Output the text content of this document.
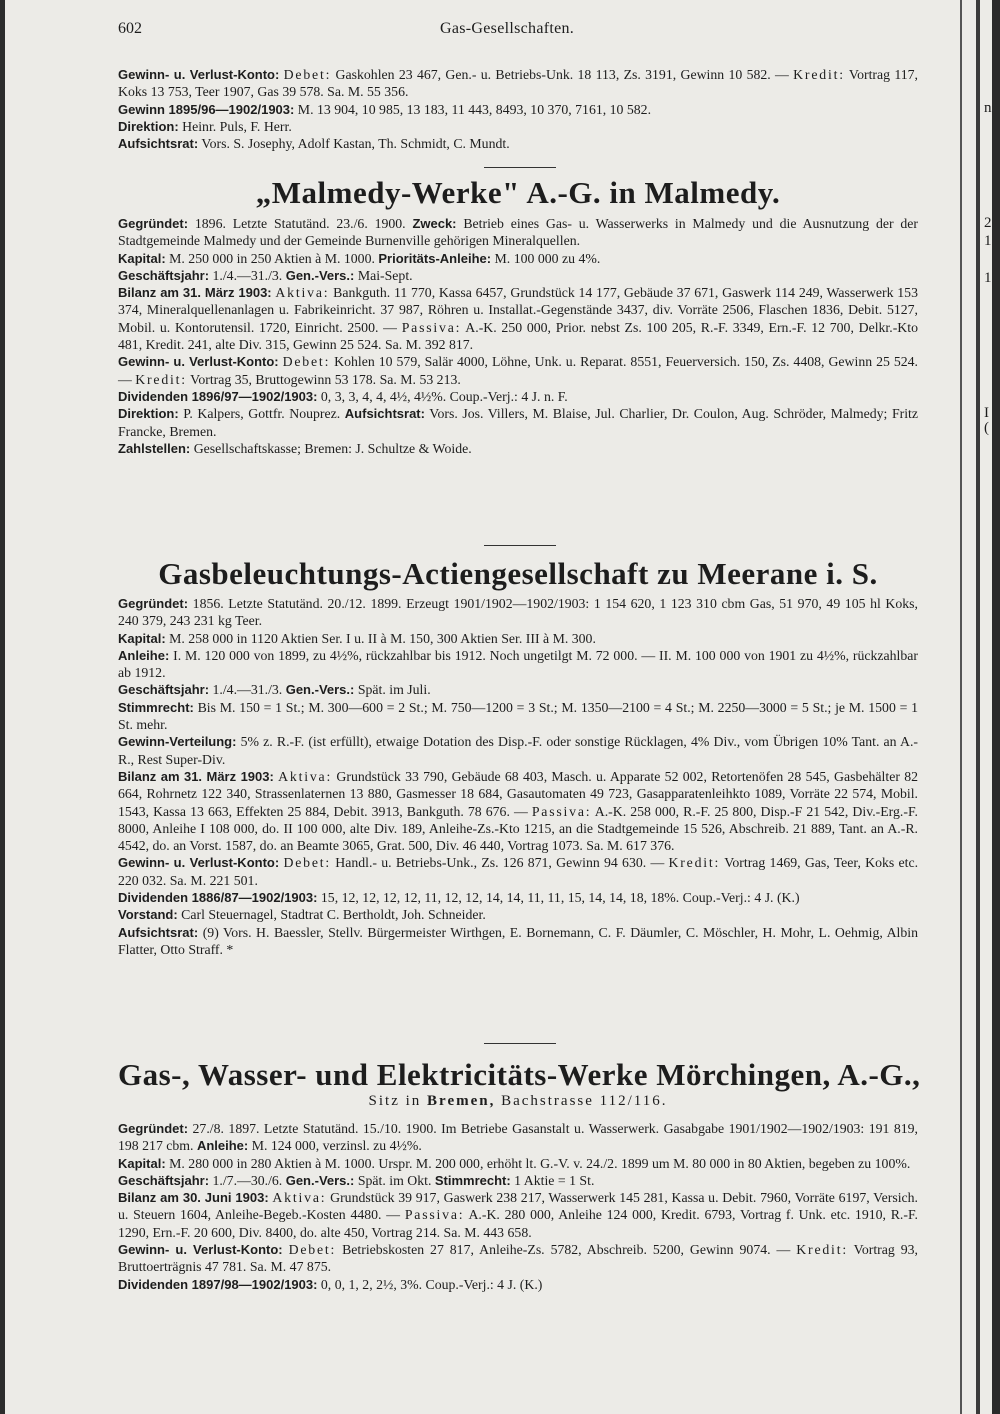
602	Gas-Gesellschaften.

Gewinn- u. Verlust-Konto: Debet: Gaskohlen 23 467, Gen.- u. Betriebs-Unk. 18 113, Zs. 3191, Gewinn 10 582. — Kredit: Vortrag 117, Koks 13 753, Teer 1907, Gas 39 578. Sa. M. 55 356.

Gewinn 1895/96—1902/1903: M. 13 904, 10 985, 13 183, 11 443, 8493, 10 370, 7161, 10 582.

Direktion: Heinr. Puls, F. Herr.

Aufsichtsrat: Vors. S. Josephy, Adolf Kastan, Th. Schmidt, C. Mundt.

„Malmedy-Werke" A.-G. in Malmedy.

Gegründet: 1896. Letzte Statutänd. 23./6. 1900. Zweck: Betrieb eines Gas- u. Wasserwerks in Malmedy und die Ausnutzung der der Stadtgemeinde Malmedy und der Gemeinde Burnenville gehörigen Mineralquellen.

Kapital: M. 250 000 in 250 Aktien à M. 1000. Prioritäts-Anleihe: M. 100 000 zu 4%.

Geschäftsjahr: 1./4.—31./3. Gen.-Vers.: Mai-Sept.

Bilanz am 31. März 1903: Aktiva: Bankguth. 11 770, Kassa 6457, Grundstück 14 177, Gebäude 37 671, Gaswerk 114 249, Wasserwerk 153 374, Mineralquellenanlagen u. Fabrikeinricht. 37 987, Röhren u. Installat.-Gegenstände 3437, div. Vorräte 2506, Flaschen 1836, Debit. 5127, Mobil. u. Kontorutensil. 1720, Einricht. 2500. — Passiva: A.-K. 250 000, Prior. nebst Zs. 100 205, R.-F. 3349, Ern.-F. 12 700, Delkr.-Kto 481, Kredit. 241, alte Div. 315, Gewinn 25 524. Sa. M. 392 817.

Gewinn- u. Verlust-Konto: Debet: Kohlen 10 579, Salär 4000, Löhne, Unk. u. Reparat. 8551, Feuerversich. 150, Zs. 4408, Gewinn 25 524. — Kredit: Vortrag 35, Bruttogewinn 53 178. Sa. M. 53 213.

Dividenden 1896/97—1902/1903: 0, 3, 3, 4, 4, 4½, 4½%. Coup.-Verj.: 4 J. n. F.

Direktion: P. Kalpers, Gottfr. Nouprez. Aufsichtsrat: Vors. Jos. Villers, M. Blaise, Jul. Charlier, Dr. Coulon, Aug. Schröder, Malmedy; Fritz Francke, Bremen.

Zahlstellen: Gesellschaftskasse; Bremen: J. Schultze & Woide.

Gasbeleuchtungs-Actiengesellschaft zu Meerane i. S.

Gegründet: 1856. Letzte Statutänd. 20./12. 1899. Erzeugt 1901/1902—1902/1903: 1 154 620, 1 123 310 cbm Gas, 51 970, 49 105 hl Koks, 240 379, 243 231 kg Teer.

Kapital: M. 258 000 in 1120 Aktien Ser. I u. II à M. 150, 300 Aktien Ser. III à M. 300.

Anleihe: I. M. 120 000 von 1899, zu 4½%, rückzahlbar bis 1912. Noch ungetilgt M. 72 000. — II. M. 100 000 von 1901 zu 4½%, rückzahlbar ab 1912.

Geschäftsjahr: 1./4.—31./3. Gen.-Vers.: Spät. im Juli.

Stimmrecht: Bis M. 150 = 1 St.; M. 300—600 = 2 St.; M. 750—1200 = 3 St.; M. 1350—2100 = 4 St.; M. 2250—3000 = 5 St.; je M. 1500 = 1 St. mehr.

Gewinn-Verteilung: 5% z. R.-F. (ist erfüllt), etwaige Dotation des Disp.-F. oder sonstige Rücklagen, 4% Div., vom Übrigen 10% Tant. an A.-R., Rest Super-Div.

Bilanz am 31. März 1903: Aktiva: Grundstück 33 790, Gebäude 68 403, Masch. u. Apparate 52 002, Retortenöfen 28 545, Gasbehälter 82 664, Rohrnetz 122 340, Strassenlaternen 13 880, Gasmesser 18 684, Gasautomaten 49 723, Gasapparatenleihkto 1089, Vorräte 22 574, Mobil. 1543, Kassa 13 663, Effekten 25 884, Debit. 3913, Bankguth. 78 676. — Passiva: A.-K. 258 000, R.-F. 25 800, Disp.-F 21 542, Div.-Erg.-F. 8000, Anleihe I 108 000, do. II 100 000, alte Div. 189, Anleihe-Zs.-Kto 1215, an die Stadtgemeinde 15 526, Abschreib. 21 889, Tant. an A.-R. 4542, do. an Vorst. 1587, do. an Beamte 3065, Grat. 500, Div. 46 440, Vortrag 1073. Sa. M. 617 376.

Gewinn- u. Verlust-Konto: Debet: Handl.- u. Betriebs-Unk., Zs. 126 871, Gewinn 94 630. — Kredit: Vortrag 1469, Gas, Teer, Koks etc. 220 032. Sa. M. 221 501.

Dividenden 1886/87—1902/1903: 15, 12, 12, 12, 12, 11, 12, 12, 14, 14, 11, 11, 15, 14, 14, 18, 18%. Coup.-Verj.: 4 J. (K.)

Vorstand: Carl Steuernagel, Stadtrat C. Bertholdt, Joh. Schneider.

Aufsichtsrat: (9) Vors. H. Baessler, Stellv. Bürgermeister Wirthgen, E. Bornemann, C. F. Däumler, C. Möschler, H. Mohr, L. Oehmig, Albin Flatter, Otto Straff. *

Gas-, Wasser- und Elektricitäts-Werke Mörchingen, A.-G.,
Sitz in Bremen, Bachstrasse 112/116.

Gegründet: 27./8. 1897. Letzte Statutänd. 15./10. 1900. Im Betriebe Gasanstalt u. Wasserwerk. Gasabgabe 1901/1902—1902/1903: 191 819, 198 217 cbm. Anleihe: M. 124 000, verzinsl. zu 4½%.

Kapital: M. 280 000 in 280 Aktien à M. 1000. Urspr. M. 200 000, erhöht lt. G.-V. v. 24./2. 1899 um M. 80 000 in 80 Aktien, begeben zu 100%.

Geschäftsjahr: 1./7.—30./6. Gen.-Vers.: Spät. im Okt. Stimmrecht: 1 Aktie = 1 St.

Bilanz am 30. Juni 1903: Aktiva: Grundstück 39 917, Gaswerk 238 217, Wasserwerk 145 281, Kassa u. Debit. 7960, Vorräte 6197, Versich. u. Steuern 1604, Anleihe-Begeb.-Kosten 4480. — Passiva: A.-K. 280 000, Anleihe 124 000, Kredit. 6793, Vortrag f. Unk. etc. 1910, R.-F. 1290, Ern.-F. 20 600, Div. 8400, do. alte 450, Vortrag 214. Sa. M. 443 658.

Gewinn- u. Verlust-Konto: Debet: Betriebskosten 27 817, Anleihe-Zs. 5782, Abschreib. 5200, Gewinn 9074. — Kredit: Vortrag 93, Bruttoerträgnis 47 781. Sa. M. 47 875.

Dividenden 1897/98—1902/1903: 0, 0, 1, 2, 2½, 3%. Coup.-Verj.: 4 J. (K.)

n
2
1
1
I
(
